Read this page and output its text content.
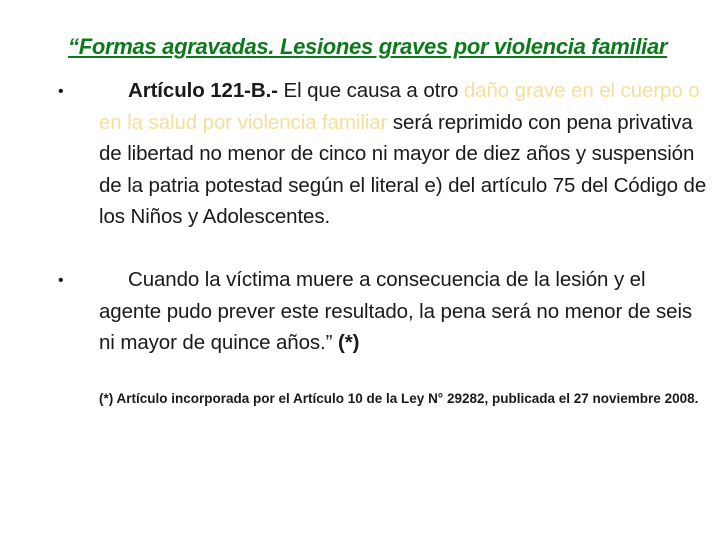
“Formas agravadas. Lesiones graves por violencia familiar
•	Artículo 121-B.- El que causa a otro daño grave en el cuerpo o en la salud por violencia familiar será reprimido con pena privativa de libertad no menor de cinco ni mayor de diez años y suspensión de la patria potestad según el literal e) del artículo 75 del Código de los Niños y Adolescentes.
•	Cuando la víctima muere a consecuencia de la lesión y el agente pudo prever este resultado, la pena será no menor de seis ni mayor de quince años.” (*)
(*) Artículo incorporada por el Artículo 10 de la Ley N° 29282, publicada el 27 noviembre 2008.
